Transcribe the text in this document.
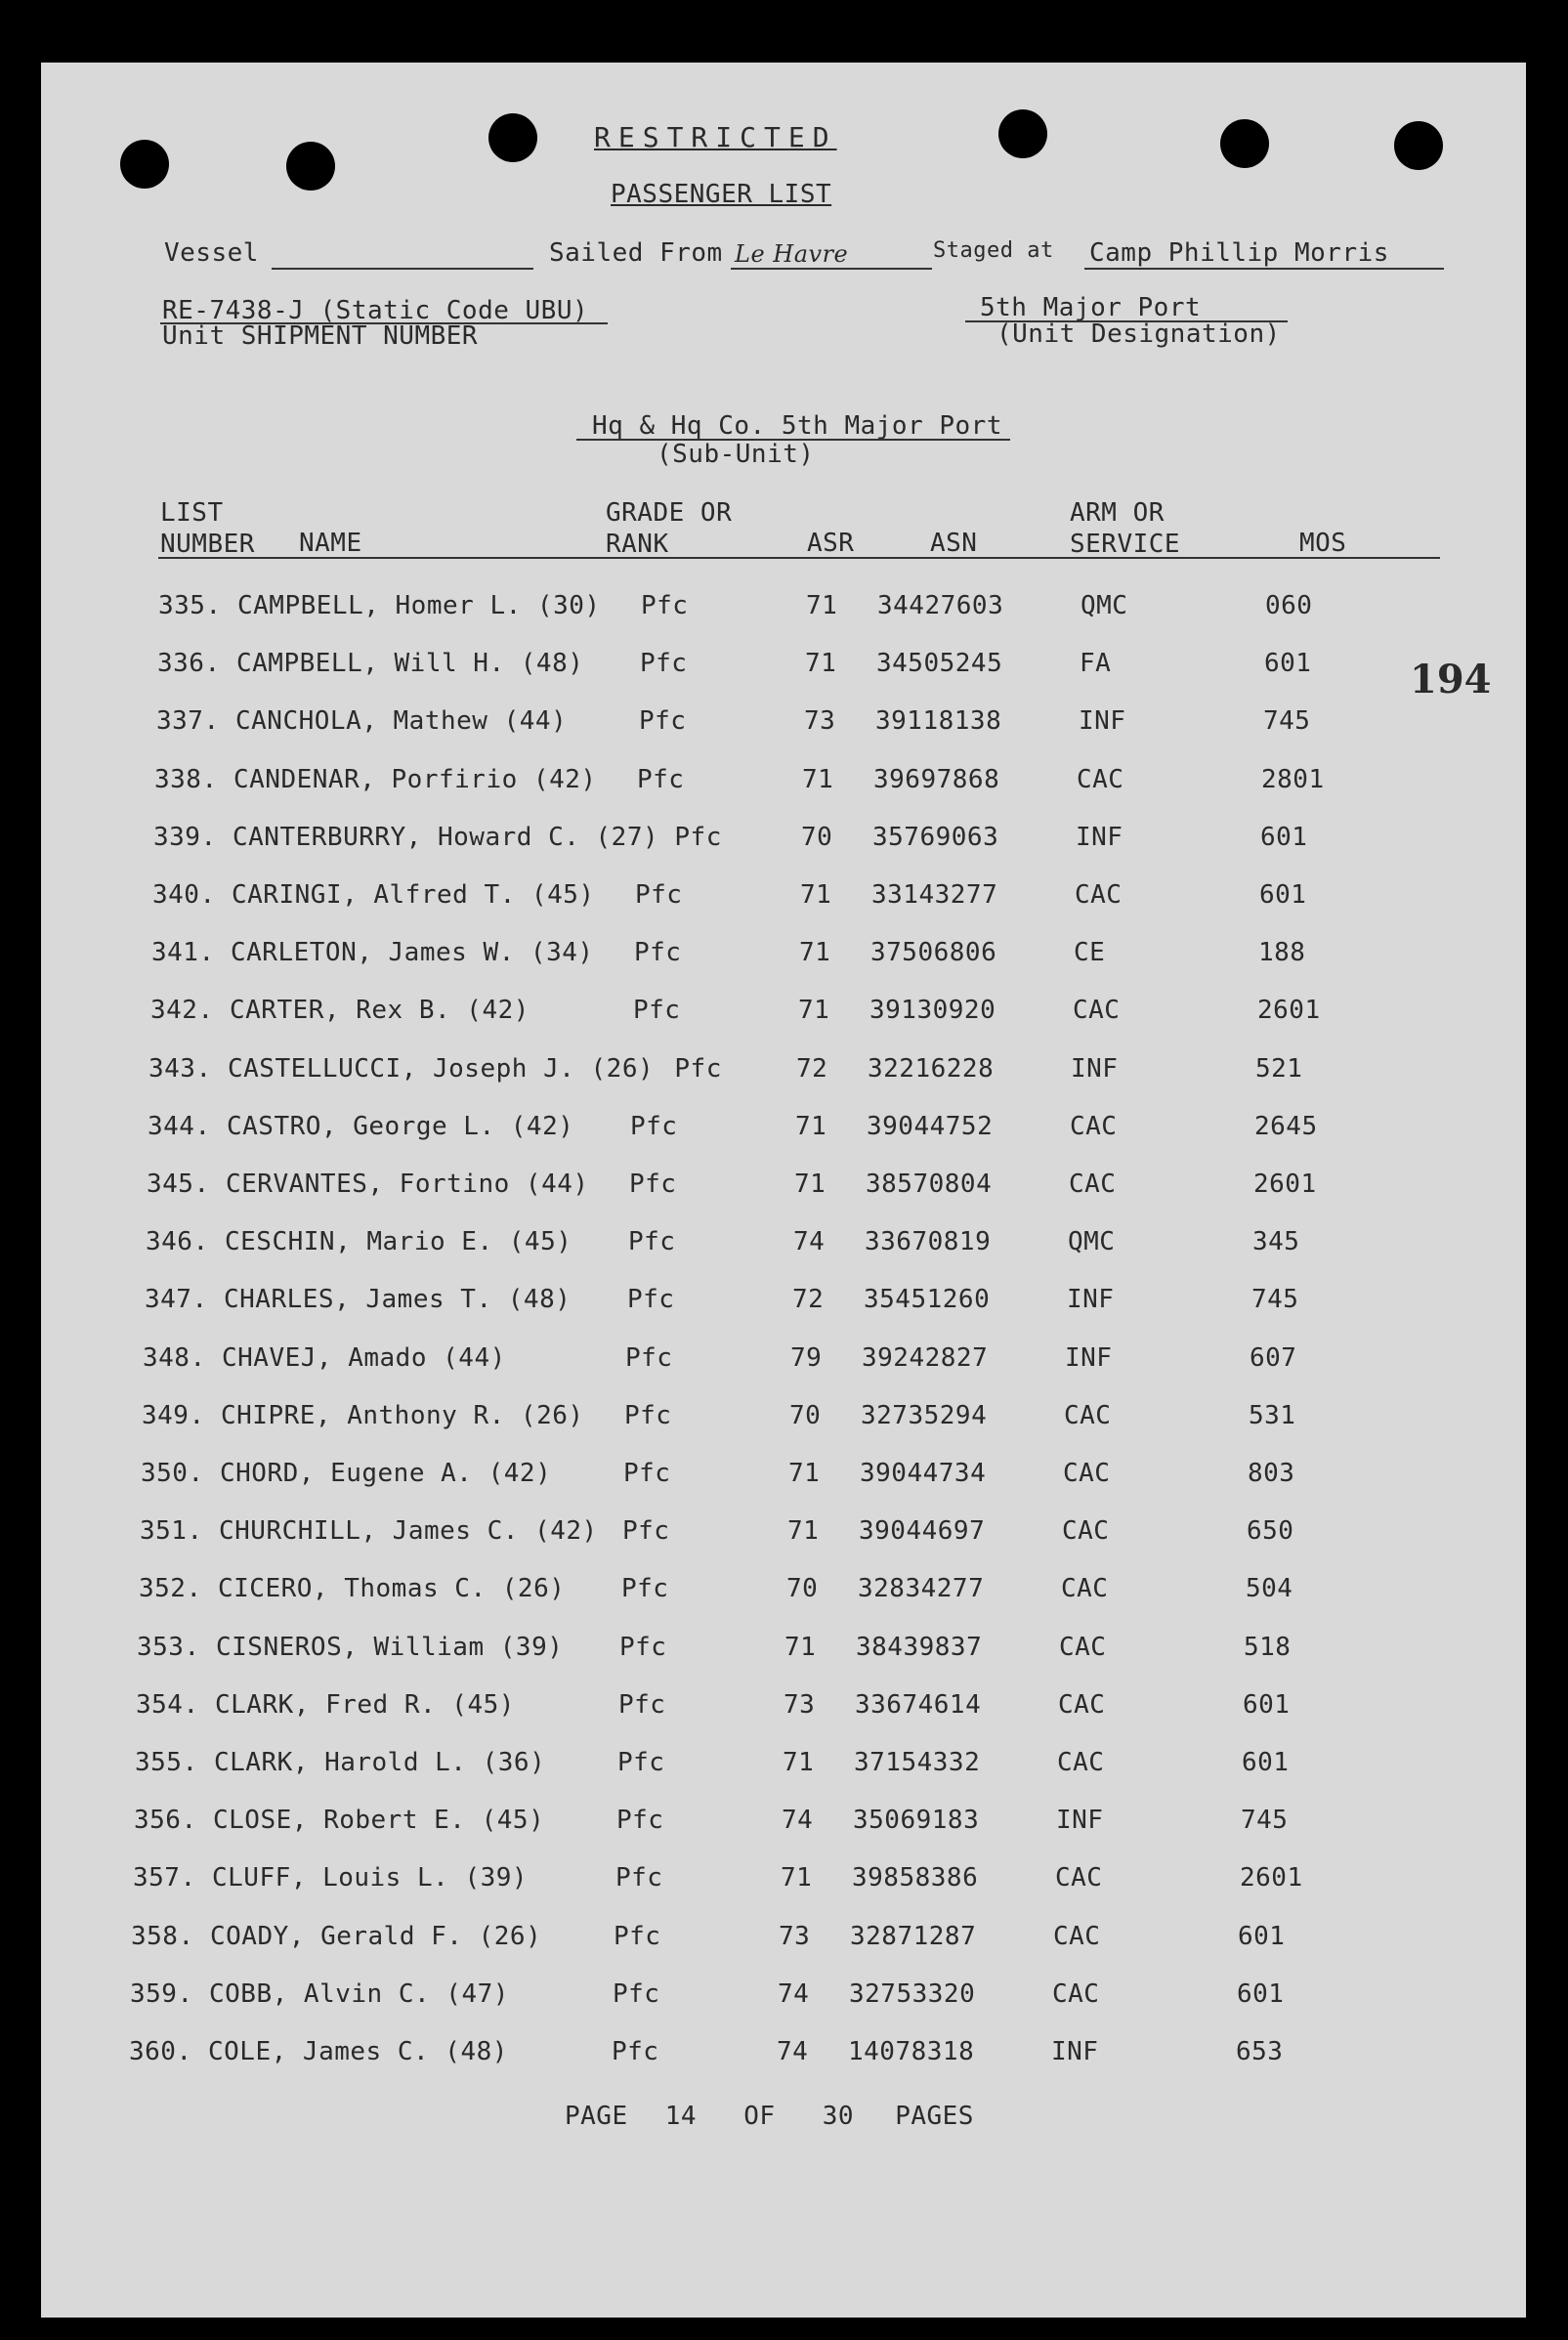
RESTRICTED
PASSENGER LIST
Vessel	Sailed From Le Havre	Staged at Camp Phillip Morris
RE-7438-J (Static Code UBU)
Unit SHIPMENT NUMBER
5th Major Port
(Unit Designation)
194
Hq & Hq Co. 5th Major Port
(Sub-Unit)
LIST
NUMBER NAME
GRADE OR
RANK	ASR	ASN
ARM OR
SERVICE	MOS
335. CAMPBELL, Homer L. (30) Pfc	71 34427603	QMC	060
336. CAMPBELL, Will H. (48) Pfc	71 34505245	FA	601
337. CANCHOLA, Mathew (44)	Pfc	73 39118138	INF	745
338. CANDENAR, Porfirio (42) Pfc	71 39697868	CAC	2801
339. CANTERBURRY, Howard C. (27) Pfc	70 35769063	INF	601
340. CARINGI, Alfred T. (45) Pfc	71 33143277	CAC	601
341. CARLETON, James W. (34) Pfc	71 37506806	CE	188
342. CARTER, Rex B. (42)	Pfc	71 39130920	CAC	2601
343. CASTELLUCCI, Joseph J. (26) Pfc	72 32216228	INF	521
344. CASTRO, George L. (42) Pfc	71 39044752	CAC	2645
345. CERVANTES, Fortino (44) Pfc	71 38570804	CAC	2601
346. CESCHIN, Mario E. (45) Pfc	74 33670819	QMC	345
347. CHARLES, James T. (48) Pfc	72 35451260	INF	745
348. CHAVEJ, Amado (44)	Pfc	79 39242827	INF	607
349. CHIPRE, Anthony R. (26) Pfc	70 32735294	CAC	531
350. CHORD, Eugene A. (42)	Pfc	71 39044734	CAC	803
351. CHURCHILL, James C. (42) Pfc	71 39044697	CAC	650
352. CICERO, Thomas C. (26) Pfc	70 32834277	CAC	504
353. CISNEROS, William (39) Pfc	71 38439837	CAC	518
354. CLARK, Fred R. (45)	Pfc	73 33674614	CAC	601
355. CLARK, Harold L. (36)	Pfc	71 37154332	CAC	601
356. CLOSE, Robert E. (45)	Pfc	74 35069183	INF	745
357. CLUFF, Louis L. (39)	Pfc	71 39858386	CAC	2601
358. COADY, Gerald F. (26)	Pfc	73 32871287	CAC	601
359. COBB, Alvin C. (47)	Pfc	74 32753320	CAC	601
360. COLE, James C. (48)	Pfc	74 14078318	INF	653
PAGE 14 OF 30 PAGES
